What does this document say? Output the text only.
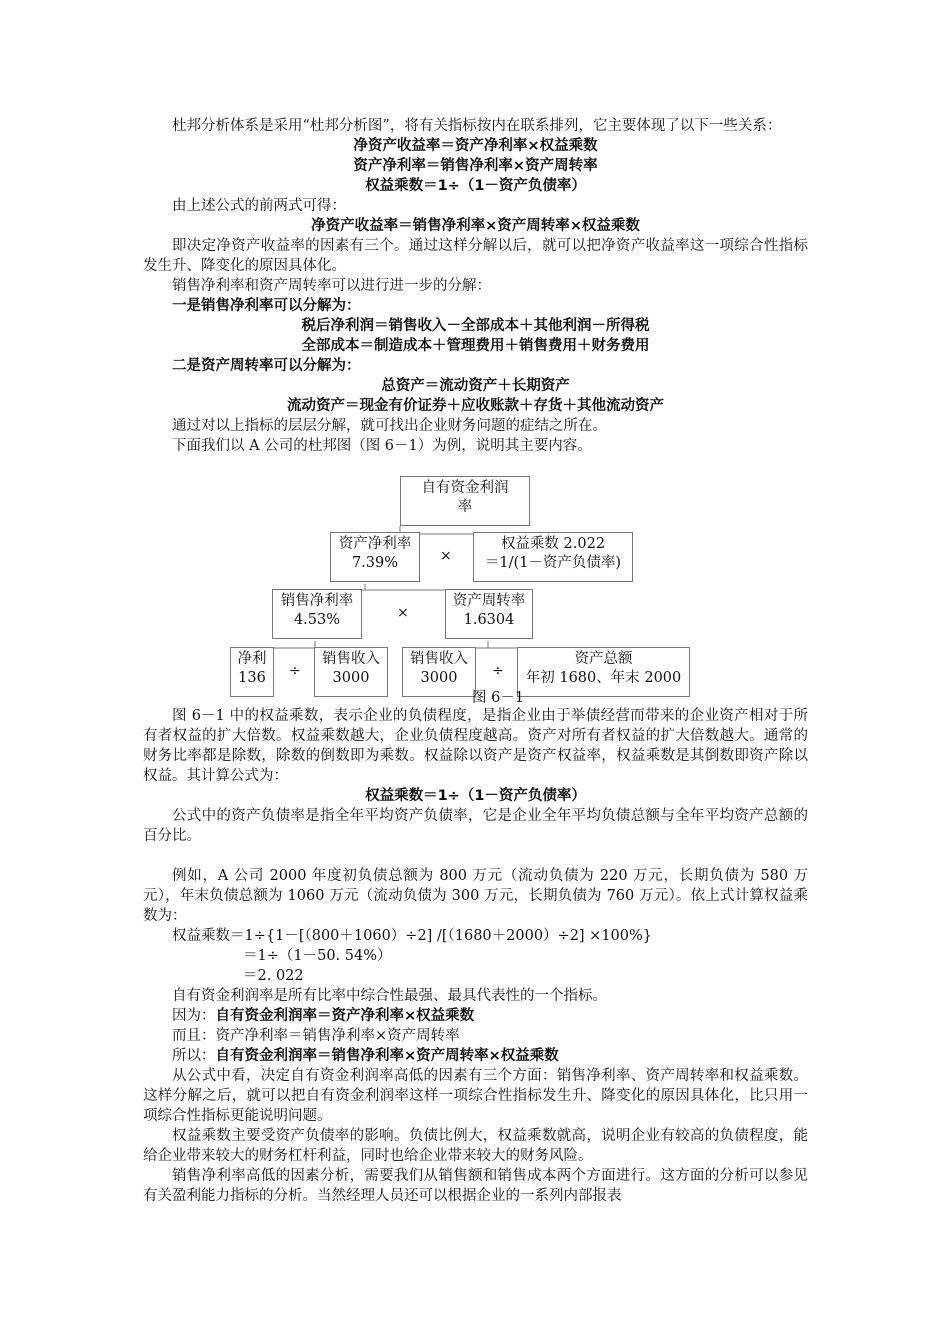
杜邦分析体系是采用“杜邦分析图”，将有关指标按内在联系排列，它主要体现了以下一些关系：

净资产收益率＝资产净利率×权益乘数

资产净利率＝销售净利率×资产周转率

权益乘数＝1÷（1－资产负债率）

由上述公式的前两式可得：

净资产收益率＝销售净利率×资产周转率×权益乘数

即决定净资产收益率的因素有三个。通过这样分解以后，就可以把净资产收益率这一项综合性指标发生升、降变化的原因具体化。

销售净利率和资产周转率可以进行进一步的分解：

一是销售净利率可以分解为：

税后净利润＝销售收入－全部成本＋其他利润－所得税

全部成本＝制造成本＋管理费用＋销售费用＋财务费用

二是资产周转率可以分解为：

总资产＝流动资产＋长期资产

流动资产＝现金有价证券＋应收账款＋存货＋其他流动资产

通过对以上指标的层层分解，就可找出企业财务问题的症结之所在。

下面我们以 A 公司的杜邦图（图 6－1）为例，说明其主要内容。

自有资金利润
率
资产净利率
7.39%	×
权益乘数 2.022
＝1/(1－资产负债率)
销售净利率
4.53%	×
资产周转率
1.6304
净利
136	÷
销售收入
3000
销售收入
3000	÷
资产总额
年初 1680、年末 2000
图 6－1

图 6－1 中的权益乘数，表示企业的负债程度，是指企业由于举债经营而带来的企业资产相对于所有者权益的扩大倍数。权益乘数越大，企业负债程度越高。资产对所有者权益的扩大倍数越大。通常的财务比率都是除数，除数的倒数即为乘数。权益除以资产是资产权益率，权益乘数是其倒数即资产除以权益。其计算公式为：

权益乘数＝1÷（1－资产负债率）

公式中的资产负债率是指全年平均资产负债率，它是企业全年平均负债总额与全年平均资产总额的百分比。

例如，A 公司 2000 年度初负债总额为 800 万元（流动负债为 220 万元，长期负债为 580 万元），年末负债总额为 1060 万元（流动负债为 300 万元，长期负债为 760 万元）。依上式计算权益乘数为：

权益乘数＝1÷{1－[（800＋1060）÷2] /[（1680＋2000）÷2] ×100%}

＝1÷（1－50. 54%）

＝2. 022

自有资金利润率是所有比率中综合性最强、最具代表性的一个指标。

因为：自有资金利润率＝资产净利率×权益乘数

而且：资产净利率＝销售净利率×资产周转率

所以：自有资金利润率＝销售净利率×资产周转率×权益乘数

从公式中看，决定自有资金利润率高低的因素有三个方面：销售净利率、资产周转率和权益乘数。这样分解之后，就可以把自有资金利润率这样一项综合性指标发生升、降变化的原因具体化，比只用一项综合性指标更能说明问题。

权益乘数主要受资产负债率的影响。负债比例大，权益乘数就高，说明企业有较高的负债程度，能给企业带来较大的财务杠杆利益，同时也给企业带来较大的财务风险。

销售净利率高低的因素分析，需要我们从销售额和销售成本两个方面进行。这方面的分析可以参见有关盈利能力指标的分析。当然经理人员还可以根据企业的一系列内部报表
